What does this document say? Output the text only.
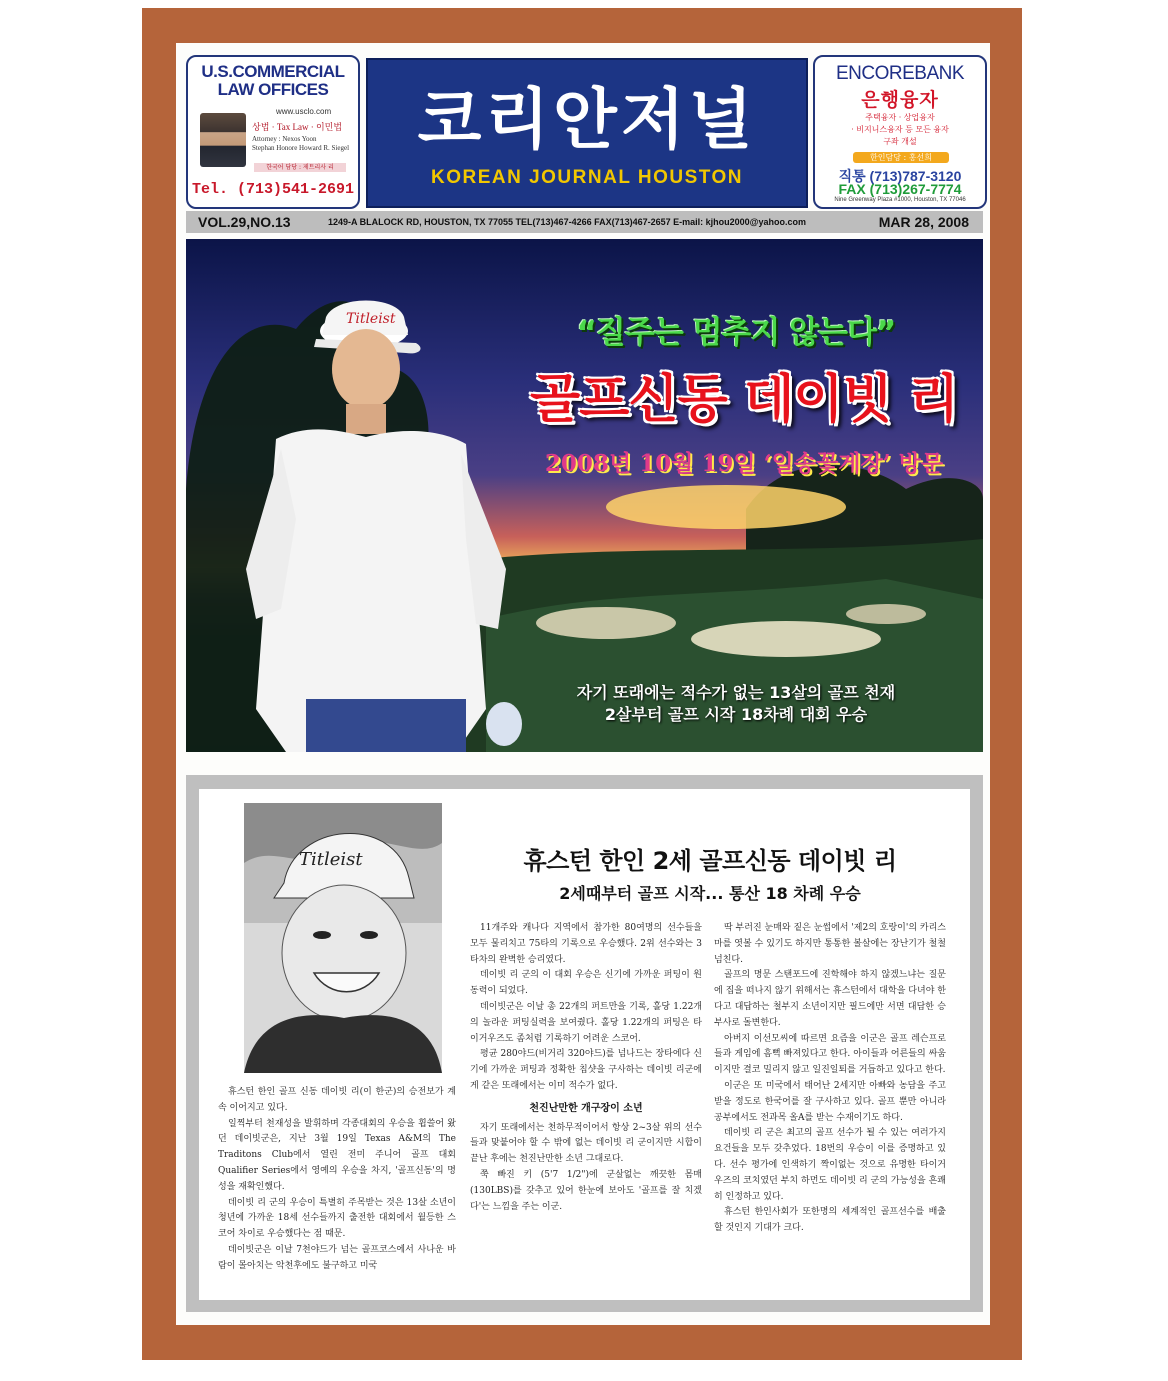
U.S.COMMERCIAL
LAW OFFICES
www.usclo.com
상법 · Tax Law · 이민법
Attorney : Nexos Yoon
Stephan Honore Howard R. Siegel
한국어 담당 : 제트리사 리
Tel. (713)541-2691
코리안저널
KOREAN JOURNAL HOUSTON
ENCOREBANK
은행융자
주택융자 · 상업융자
· 비지니스융자 등 모든 융자
구좌 개설
한인담당 : 홍선희
직통 (713)787-3120
FAX (713)267-7774
Nine Greenway Plaza #1000, Houston, TX 77046
VOL.29,NO.13	1249-A BLALOCK RD, HOUSTON, TX 77055 TEL(713)467-4266 FAX(713)467-2657 E-mail: kjhou2000@yahoo.com	MAR 28, 2008
Titleist	“질주는 멈추지 않는다”
골프신동 데이빗 리
2008년 10월 19일 ‘일송꽃게장’ 방문
자기 또래에는 적수가 없는 13살의 골프 천재
2살부터 골프 시작 18차례 대회 우승
Titleist	휴스턴 한인 2세 골프신동 데이빗 리
2세때부터 골프 시작... 통산 18 차례 우승

휴스턴 한인 골프 신동 데이빗 리(이 한군)의 승전보가 계속 이어지고 있다.

일찍부터 천재성을 발휘하며 각종대회의 우승을 휩쓸어 왔던 데이빗군은, 지난 3월 19일 Texas A&M의 The Traditons Club에서 열린 전미 주니어 골프 대회 Qualifier Series에서 영예의 우승을 차지, '골프신동'의 명성을 재확인했다.

데이빗 리 군의 우승이 특별히 주목받는 것은 13살 소년이 청년에 가까운 18세 선수들까지 출전한 대회에서 월등한 스코어 차이로 우승했다는 점 때문.

데이빗군은 이날 7천야드가 넘는 골프코스에서 사나운 바람이 몰아치는 악천후에도 불구하고 미국

11개주와 캐나다 지역에서 참가한 80여명의 선수들을 모두 물리치고 75타의 기록으로 우승했다. 2위 선수와는 3타차의 완벽한 승리였다.

데이빗 리 군의 이 대회 우승은 신기에 가까운 퍼팅이 원동력이 되었다.

데이빗군은 이날 총 22개의 퍼트만을 기록, 홀당 1.22개의 놀라운 퍼팅실력을 보여줬다. 홀당 1.22개의 퍼팅은 타이거우즈도 좀처럼 기록하기 어려운 스코어.

평균 280야드(비거리 320야드)를 넘나드는 장타에다 신기에 가까운 퍼팅과 정확한 칩샷을 구사하는 데이빗 리군에게 같은 또래에서는 이미 적수가 없다.

천진난만한 개구장이 소년

자기 또래에서는 천하무적이어서 항상 2~3살 위의 선수들과 맞붙어야 할 수 밖에 없는 데이빗 리 군이지만 시합이 끝난 후에는 천진난만한 소년 그대로다.

쭉 빠진 키 (5'7 1/2")에 군살없는 깨끗한 몸매 (130LBS)를 갖추고 있어 한눈에 보아도 '골프를 잘 치겠다'는 느낌을 주는 이군.

딱 부러진 눈매와 짙은 눈썹에서 '제2의 호랑이'의 카리스마를 엿볼 수 있기도 하지만 통통한 볼살에는 장난기가 철철 넘친다.

골프의 명문 스탠포드에 진학해야 하지 않겠느냐는 질문에 집을 떠나지 않기 위해서는 휴스턴에서 대학을 다녀야 한다고 대답하는 철부지 소년이지만 필드에만 서면 대담한 승부사로 돌변한다.

아버지 이선모씨에 따르면 요즘을 이군은 골프 레슨프로들과 게임에 흠뻑 빠져있다고 한다. 아이들과 어른들의 싸움이지만 결코 밀리지 않고 일진일퇴를 거듭하고 있다고 한다.

이군은 또 미국에서 태어난 2세지만 아빠와 농담을 주고받을 정도로 한국어를 잘 구사하고 있다. 골프 뿐만 아니라 공부에서도 전과목 올A를 받는 수재이기도 하다.

데이빗 리 군은 최고의 골프 선수가 될 수 있는 여러가지 요건들을 모두 갖추었다. 18번의 우승이 이를 증명하고 있다. 선수 평가에 인색하기 짝이없는 것으로 유명한 타이거 우즈의 코치였던 부치 하먼도 데이빗 리 군의 가능성을 흔쾌히 인정하고 있다.

휴스턴 한인사회가 또한명의 세계적인 골프선수를 배출할 것인지 기대가 크다.
